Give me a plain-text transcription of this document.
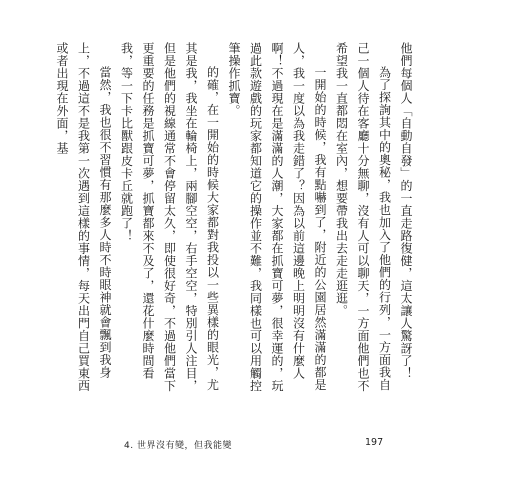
他們每個人「自動自發」的一直走路復健，這太讓人驚訝了！

為了探詢其中的奧秘，我也加入了他們的行列，一方面我自己一個人待在客廳十分無聊，沒有人可以聊天，一方面他們也不希望我一直都悶在室內，想要帶我出去走走逛逛。

一開始的時候，我有點嚇到了，附近的公園居然滿滿的都是人，我一度以為我走錯了？因為以前這邊晚上明明沒有什麼人啊！不過現在是滿滿的人潮，大家都在抓寶可夢，很幸運的，玩過此款遊戲的玩家都知道它的操作並不難，我同樣也可以用觸控筆操作抓寶。

的確，在一開始的時候大家都對我投以一些異樣的眼光，尤其是我，我坐在輪椅上，兩腳空空，右手空空，特別引人注目，但是他們的視線通常不會停留太久，即使很好奇，不過他們當下更重要的任務是抓寶可夢，抓寶都來不及了，還花什麼時間看我，等一下卡比獸跟皮卡丘就跑了！

當然，我也很不習慣有那麼多人時不時眼神就會飄到我身上，不過這不是我第一次遇到這樣的事情，每天出門自己買東西或者出現在外面，基

4. 世界沒有變，但我能變	197
